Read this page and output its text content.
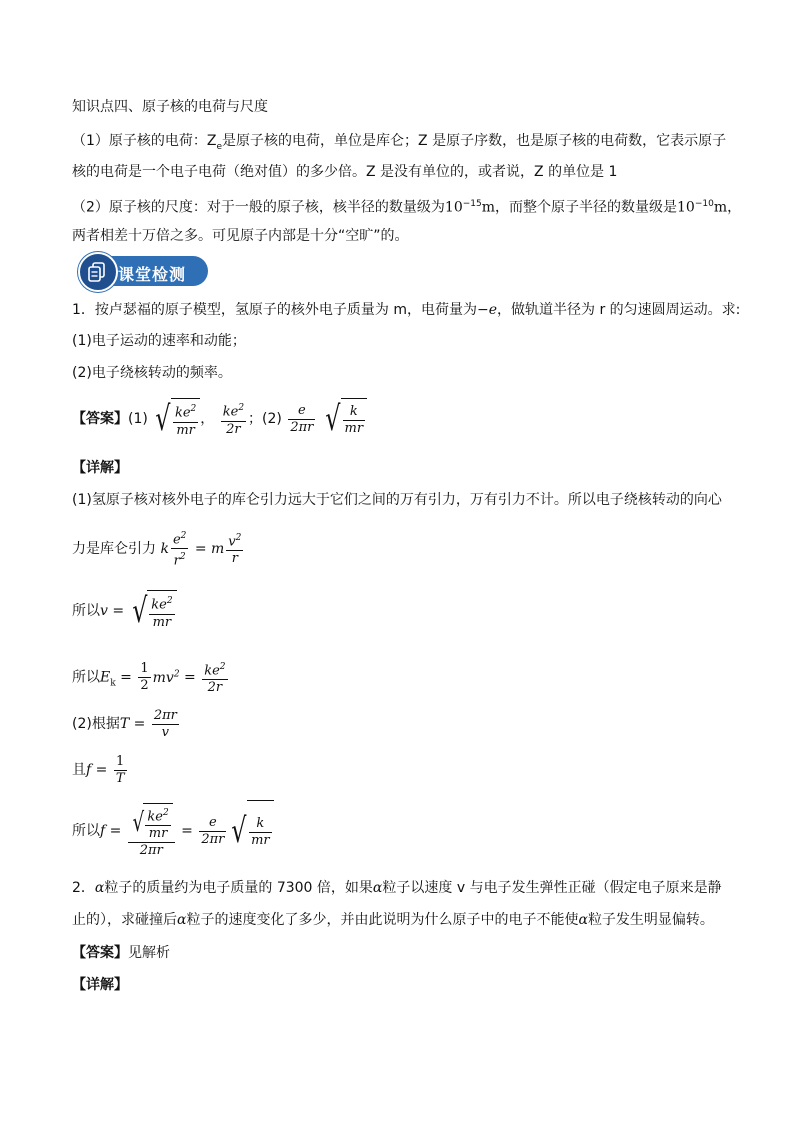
知识点四、原子核的电荷与尺度
（1）原子核的电荷：$Z_e$是原子核的电荷，单位是库仑；Z 是原子序数，也是原子核的电荷数，它表示原子
核的电荷是一个电子电荷（绝对值）的多少倍。Z 是没有单位的，或者说，Z 的单位是 1
（2）原子核的尺度：对于一般的原子核，核半径的数量级为$10^{-15}m$，而整个原子半径的数量级是$10^{-10}m$，
两者相差十万倍之多。可见原子内部是十分“空旷”的。
课堂检测
1．按卢瑟福的原子模型，氢原子的核外电子质量为 m，电荷量为−e，做轨道半径为 r 的匀速圆周运动。求:
(1)电子运动的速率和动能；
(2)电子绕核转动的频率。
【答案】(1) √ $\frac{ke^2}{mr}$ ， $\frac{ke^2}{2r}$ ；$(2) \frac{e}{2\pi r}$ √ $\frac{k}{mr}$
【详解】
(1)氢原子核对核外电子的库仑引力远大于它们之间的万有引力，万有引力不计。所以电子绕核转动的向心
力是库仑引力 k $\frac{e^2}{r^2} = m \frac{v^2}{r}$
所以v = √ $\frac{ke^2}{mr}$
所以$E_k = \frac{1}{2} mv^2 = \frac{ke^2}{2r}$
(2)根据$T = \frac{2\pi r}{v}$
且$f = \frac{1}{T}$
所以$f = \frac{√ \frac{ke^2}{mr}}{2\pi r} = \frac{e}{2\pi r}$ √ $\frac{k}{mr}$
2．α粒子的质量约为电子质量的 7300 倍，如果α粒子以速度 v 与电子发生弹性正碰（假定电子原来是静
止的），求碰撞后α粒子的速度变化了多少，并由此说明为什么原子中的电子不能使α粒子发生明显偏转。
【答案】见解析
【详解】
